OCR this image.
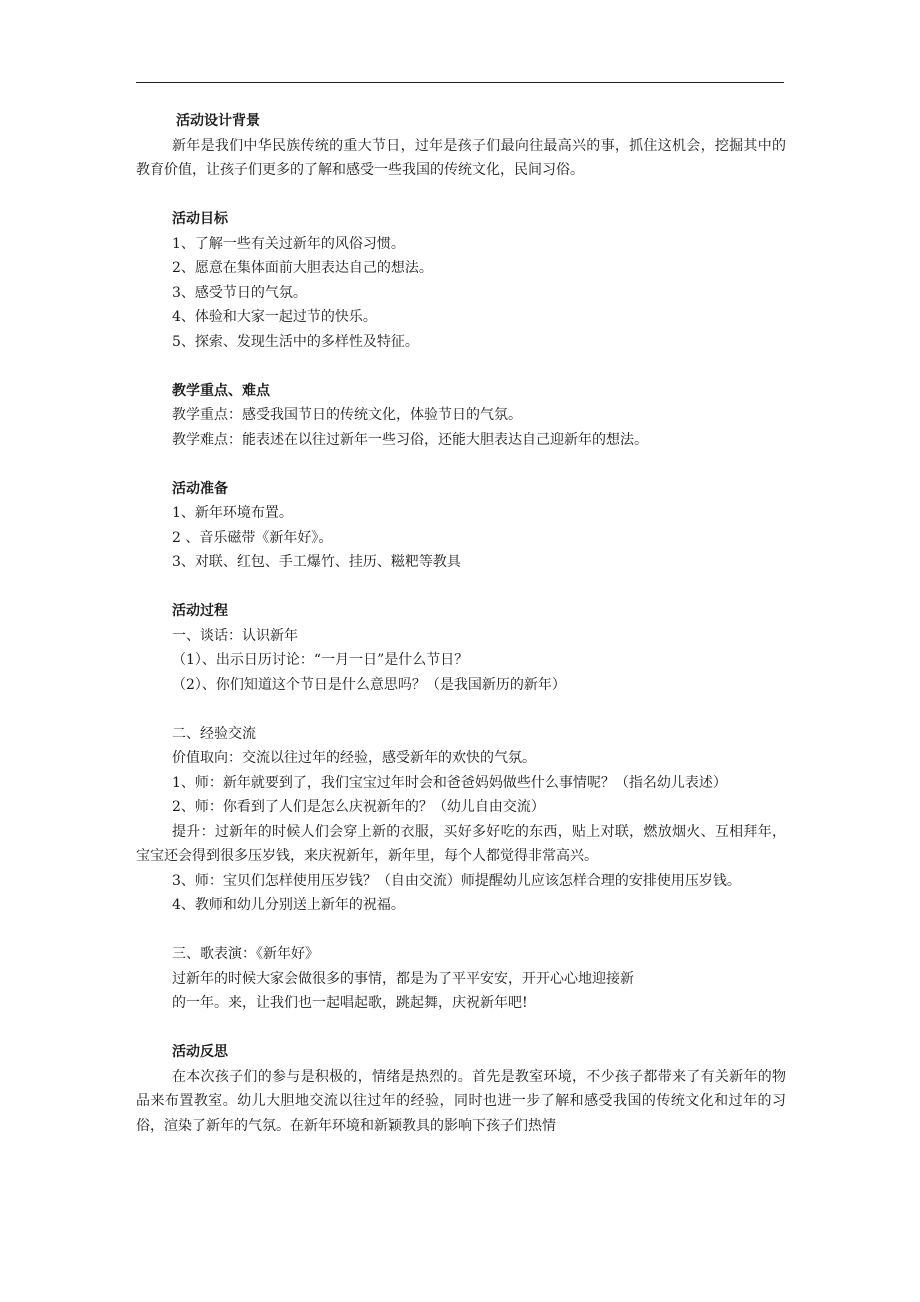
活动设计背景
新年是我们中华民族传统的重大节日，过年是孩子们最向往最高兴的事，抓住这机会，挖掘其中的教育价值，让孩子们更多的了解和感受一些我国的传统文化，民间习俗。
活动目标
1、了解一些有关过新年的风俗习惯。
2、愿意在集体面前大胆表达自己的想法。
3、感受节日的气氛。
4、体验和大家一起过节的快乐。
5、探索、发现生活中的多样性及特征。
教学重点、难点
教学重点：感受我国节日的传统文化，体验节日的气氛。
教学难点：能表述在以往过新年一些习俗，还能大胆表达自己迎新年的想法。
活动准备
1、新年环境布置。
2 、音乐磁带《新年好》。
3、对联、红包、手工爆竹、挂历、糍粑等教具
活动过程
一、谈话：认识新年
（1）、出示日历讨论：“一月一日”是什么节日？
（2）、你们知道这个节日是什么意思吗？（是我国新历的新年）
二、经验交流
价值取向：交流以往过年的经验，感受新年的欢快的气氛。
1、师：新年就要到了，我们宝宝过年时会和爸爸妈妈做些什么事情呢？（指名幼儿表述）
2、师：你看到了人们是怎么庆祝新年的？（幼儿自由交流）
提升：过新年的时候人们会穿上新的衣服，买好多好吃的东西，贴上对联，燃放烟火、互相拜年，宝宝还会得到很多压岁钱，来庆祝新年，新年里，每个人都觉得非常高兴。
3、师：宝贝们怎样使用压岁钱？（自由交流）师提醒幼儿应该怎样合理的安排使用压岁钱。
4、教师和幼儿分别送上新年的祝福。
三、歌表演：《新年好》
过新年的时候大家会做很多的事情，都是为了平平安安，开开心心地迎接新
的一年。来，让我们也一起唱起歌，跳起舞，庆祝新年吧!
活动反思
在本次孩子们的参与是积极的，情绪是热烈的。首先是教室环境，不少孩子都带来了有关新年的物品来布置教室。幼儿大胆地交流以往过年的经验，同时也进一步了解和感受我国的传统文化和过年的习俗，渲染了新年的气氛。在新年环境和新颖教具的影响下孩子们热情
